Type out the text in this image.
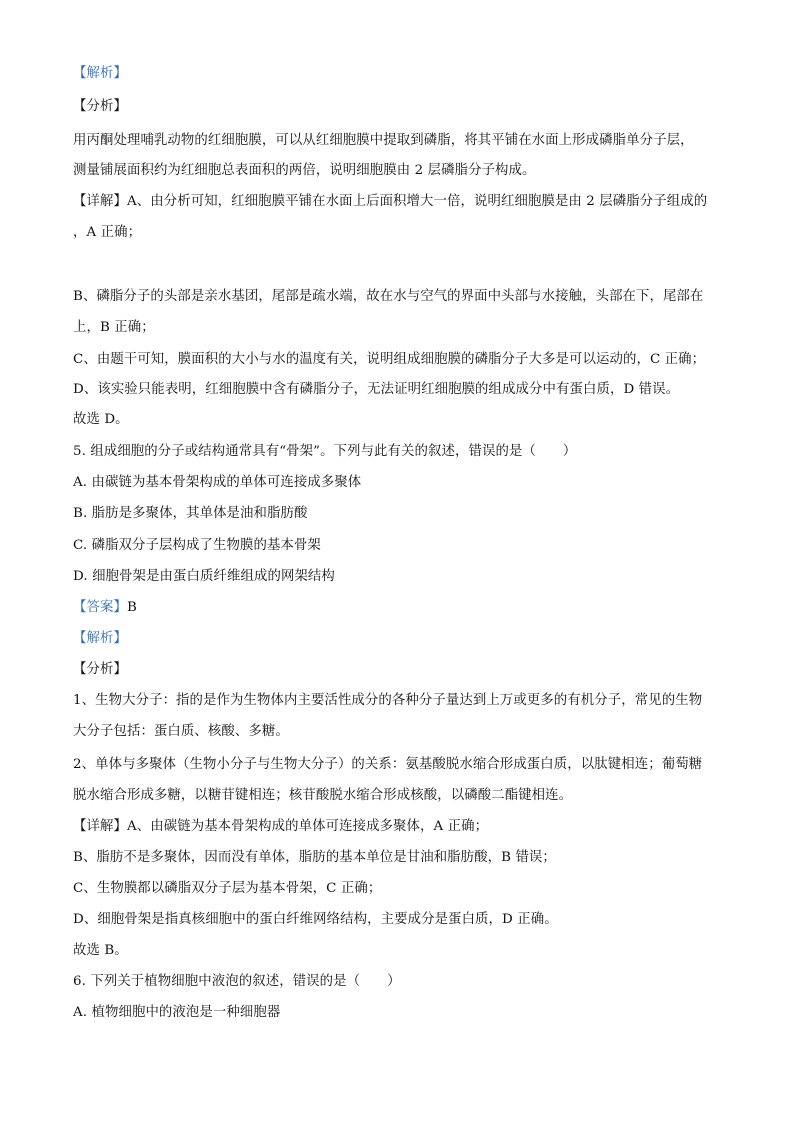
【解析】
【分析】
用丙酮处理哺乳动物的红细胞膜，可以从红细胞膜中提取到磷脂，将其平铺在水面上形成磷脂单分子层，
测量铺展面积约为红细胞总表面积的两倍，说明细胞膜由 2 层磷脂分子构成。
【详解】A、由分析可知，红细胞膜平铺在水面上后面积增大一倍，说明红细胞膜是由 2 层磷脂分子组成的
，A 正确；
B、磷脂分子的头部是亲水基团，尾部是疏水端，故在水与空气的界面中头部与水接触，头部在下，尾部在
上，B 正确；
C、由题干可知，膜面积的大小与水的温度有关，说明组成细胞膜的磷脂分子大多是可以运动的，C 正确；
D、该实验只能表明，红细胞膜中含有磷脂分子，无法证明红细胞膜的组成成分中有蛋白质，D 错误。
故选 D。
5. 组成细胞的分子或结构通常具有“骨架”。下列与此有关的叙述，错误的是（　　）
A. 由碳链为基本骨架构成的单体可连接成多聚体
B. 脂肪是多聚体，其单体是油和脂肪酸
C. 磷脂双分子层构成了生物膜的基本骨架
D. 细胞骨架是由蛋白质纤维组成的网架结构
【答案】B
【解析】
【分析】
1、生物大分子：指的是作为生物体内主要活性成分的各种分子量达到上万或更多的有机分子，常见的生物
大分子包括：蛋白质、核酸、多糖。
2、单体与多聚体（生物小分子与生物大分子）的关系：氨基酸脱水缩合形成蛋白质，以肽键相连；葡萄糖
脱水缩合形成多糖，以糖苷键相连；核苷酸脱水缩合形成核酸，以磷酸二酯键相连。
【详解】A、由碳链为基本骨架构成的单体可连接成多聚体，A 正确；
B、脂肪不是多聚体，因而没有单体，脂肪的基本单位是甘油和脂肪酸，B 错误；
C、生物膜都以磷脂双分子层为基本骨架，C 正确；
D、细胞骨架是指真核细胞中的蛋白纤维网络结构，主要成分是蛋白质，D 正确。
故选 B。
6. 下列关于植物细胞中液泡的叙述，错误的是（　　）
A. 植物细胞中的液泡是一种细胞器
